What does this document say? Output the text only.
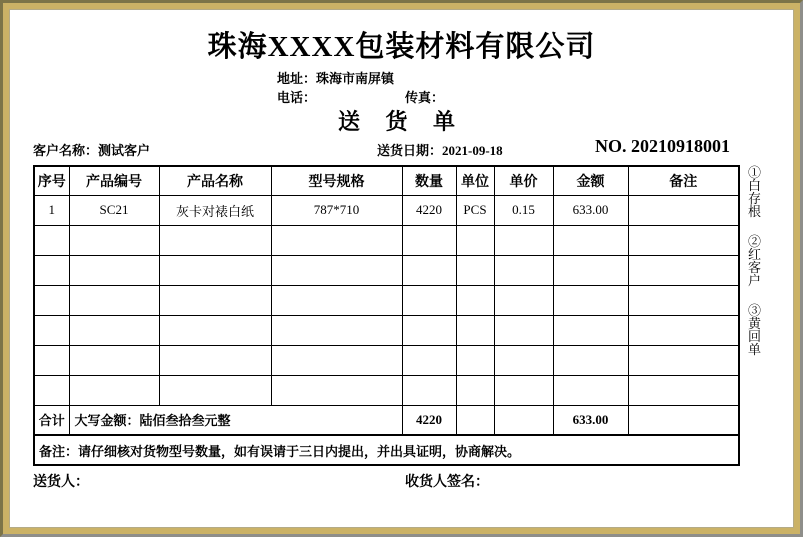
珠海XXXX包装材料有限公司
地址：珠海市南屏镇
电话：	传真：
送 货 单
客户名称：测试客户	送货日期：2021-09-18	NO. 20210918001
序号	产品编号	产品名称	型号规格	数量	单位	单价	金额	备注
1	SC21	灰卡对裱白纸	787*710	4220	PCS	0.15	633.00	

合计	大写金额：陆佰叁拾叁元整			4220			633.00	
备注：请仔细核对货物型号数量，如有误请于三日内提出，并出具证明，协商解决。								
①白存根
②红客户
③黄回单
送货人：	收货人签名：
